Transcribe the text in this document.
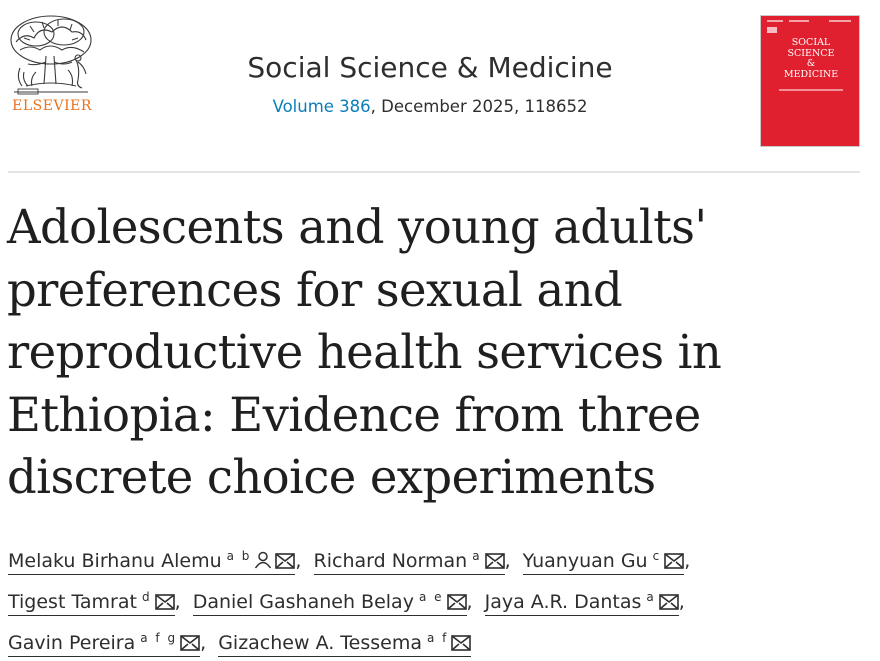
ELSEVIER
Social Science & Medicine
Volume 386, December 2025, 118652
SOCIAL
SCIENCE
&
MEDICINE
Adolescents and young adults' preferences for sexual and reproductive health services in Ethiopia: Evidence from three discrete choice experiments
Melaku Birhanu Alemu $^{a b}$ , Richard Norman $^a$ , Yuanyuan Gu $^c$ ,
Tigest Tamrat $^d$ , Daniel Gashaneh Belay $^{a e}$ , Jaya A.R. Dantas $^a$ ,
Gavin Pereira $^{a f g}$ , Gizachew A. Tessema $^{a f}$
